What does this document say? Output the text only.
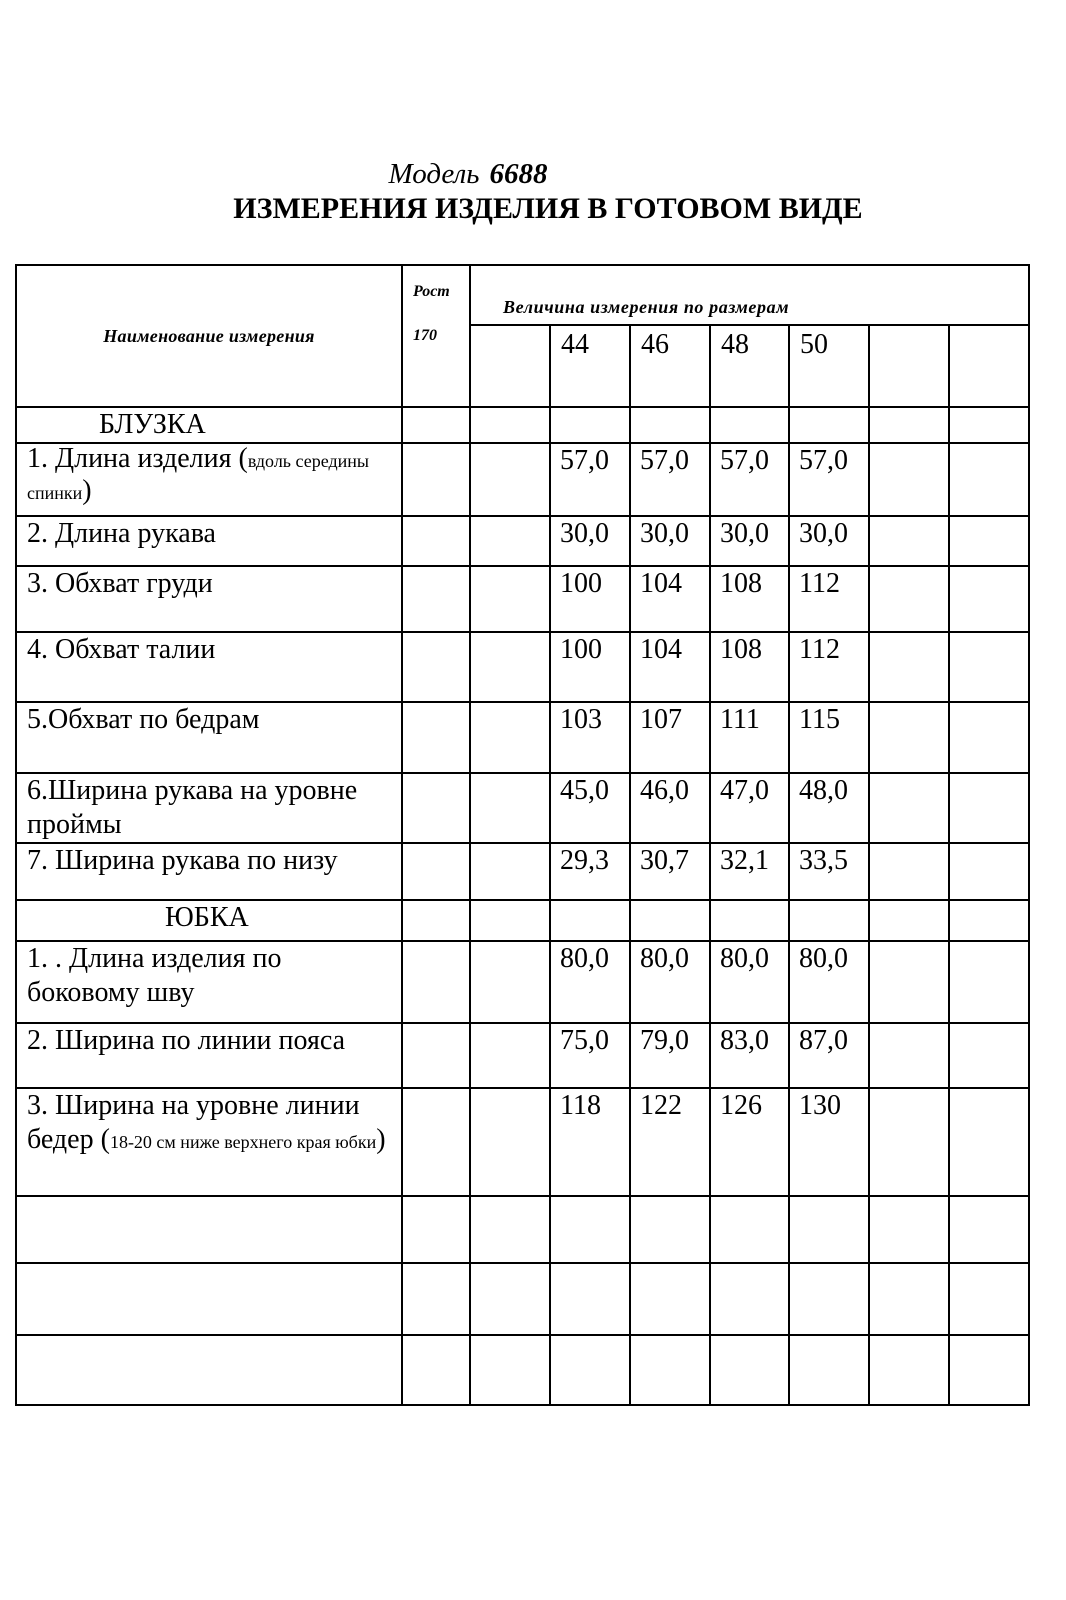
Модель 6688
ИЗМЕРЕНИЯ ИЗДЕЛИЯ В ГОТОВОМ ВИДЕ
Наименование измерения	Рост
170	Величина измерения по размерам						
			44	46	48	50		
БЛУЗКА								
1. Длина изделия (вдоль середины спинки)			57,0	57,0	57,0	57,0		
2. Длина рукава			30,0	30,0	30,0	30,0		
3. Обхват груди			100	104	108	112		
4. Обхват талии			100	104	108	112		
5.Обхват по бедрам			103	107	111	115		
6.Ширина рукава на уровне проймы			45,0	46,0	47,0	48,0		
7. Ширина рукава по низу			29,3	30,7	32,1	33,5		
ЮБКА								
1. . Длина изделия по боковому шву			80,0	80,0	80,0	80,0		
2. Ширина по линии пояса			75,0	79,0	83,0	87,0		
3. Ширина на уровне линии бедер (18-20 см ниже верхнего края юбки)			118	122	126	130		
